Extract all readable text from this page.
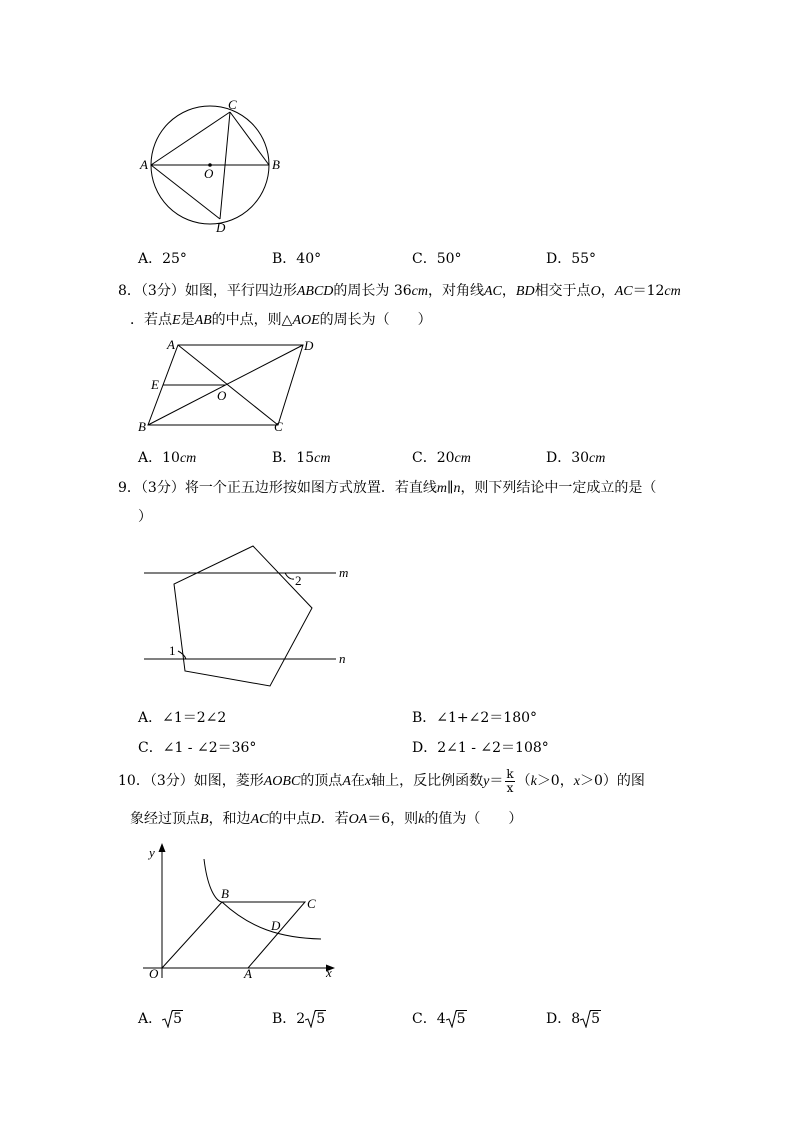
A	B
C
D
O
A．25°	B．40°	C．50°	D．55°
8．（3分）如图，平行四边形ABCD的周长为 36cm，对角线AC，BD相交于点O，AC＝12cm
．若点E是AB的中点，则△AOE的周长为（　　）
A	D
E
O
B	C
A．10cm	B．15cm	C．20cm	D．30cm
9．（3分）将一个正五边形按如图方式放置．若直线m∥n，则下列结论中一定成立的是（
）
m
n
1
2
A．∠1＝2∠2	B．∠1+∠2＝180°
C．∠1 - ∠2＝36°	D．2∠1 - ∠2＝108°
10．（3分）如图，菱形AOBC的顶点A在x轴上，反比例函数$y= \frac{k}{x} (k>0$，x＞0）的图
象经过顶点B，和边AC的中点D．若OA＝6，则k的值为（　　）
y
x
O	A
B
C
D
A． 5	B．2 5	C．4 5	D．8 5
